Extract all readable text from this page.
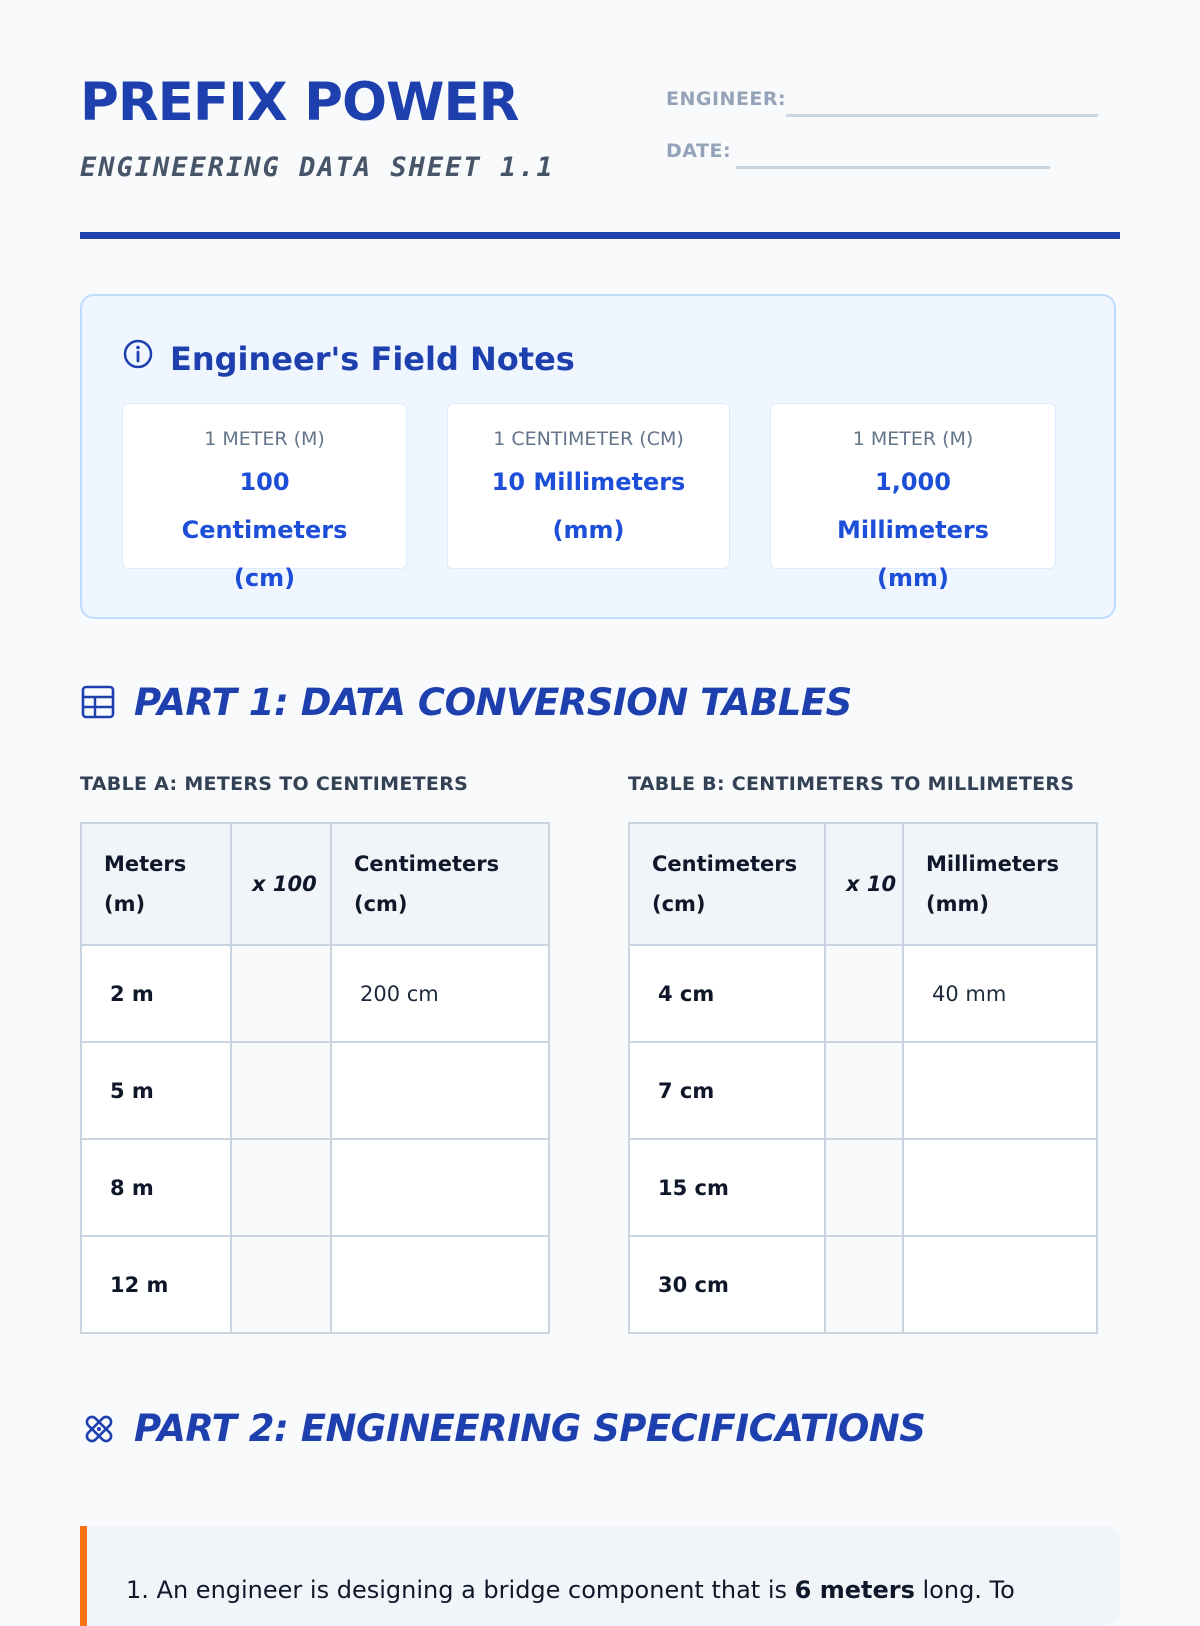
PREFIX POWER
ENGINEERING DATA SHEET 1.1
ENGINEER:
DATE:
Engineer's Field Notes
1 METER (M)
100 Centimeters (cm)
1 CENTIMETER (CM)
10 Millimeters (mm)
1 METER (M)
1,000 Millimeters (mm)
PART 1: DATA CONVERSION TABLES
TABLE A: METERS TO CENTIMETERS	TABLE B: CENTIMETERS TO MILLIMETERS
Meters (m)	x 100	Centimeters (cm)
2 m		200 cm
5 m		
8 m		
12 m		
Centimeters (cm)	x 10	Millimeters (mm)
4 cm		40 mm
7 cm		
15 cm		
30 cm		
PART 2: ENGINEERING SPECIFICATIONS
1. An engineer is designing a bridge component that is 6 meters long. To
